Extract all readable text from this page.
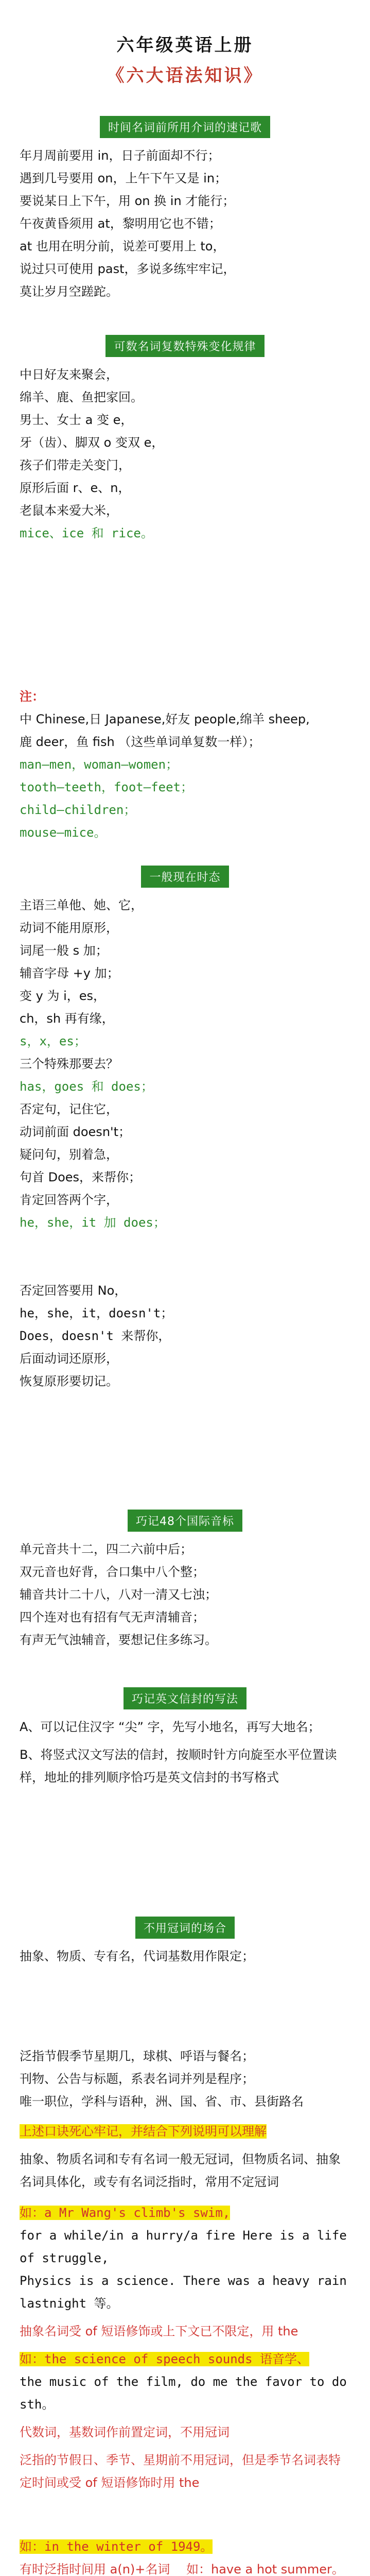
六年级英语上册
《六大语法知识》
时间名词前所用介词的速记歌

年月周前要用 in，日子前面却不行；

遇到几号要用 on，上午下午又是 in；

要说某日上下午，用 on 换 in 才能行；

午夜黄昏须用 at，黎明用它也不错；

at 也用在明分前，说差可要用上 to，

说过只可使用 past，多说多练牢牢记，

莫让岁月空蹉跎。

可数名词复数特殊变化规律

中日好友来聚会，

绵羊、鹿、鱼把家回。

男士、女士 a 变 e，

牙（齿）、脚双 o 变双 e，

孩子们带走关变门，

原形后面 r、e、n，

老鼠本来爱大米，

mice、ice 和 rice。

注：

中 Chinese,日 Japanese,好友 people,绵羊 sheep,

鹿 deer，鱼 fish （这些单词单复数一样）；

man—men，woman—women；

tooth—teeth，foot—feet；

child—children；

mouse—mice。

一般现在时态

主语三单他、她、它，

动词不能用原形，

词尾一般 s 加；

辅音字母 +y 加；

变 y 为 i，es，

ch，sh 再有缘，

s，x，es；

三个特殊那要去？

has，goes 和 does；

否定句，记住它，

动词前面 doesn't；

疑问句，别着急，

句首 Does，来帮你；

肯定回答两个字，

he，she，it 加 does；

否定回答要用 No，

he，she，it，doesn't；

Does，doesn't 来帮你，

后面动词还原形，

恢复原形要切记。

巧记48个国际音标

单元音共十二，四二六前中后；

双元音也好背，合口集中八个整；

辅音共计二十八，八对一清又七浊；

四个连对也有招有气无声清辅音；

有声无气浊辅音，要想记住多练习。

巧记英文信封的写法

A、可以记住汉字 “尖” 字，先写小地名，再写大地名；

B、将竖式汉文写法的信封，按顺时针方向旋至水平位置读样，地址的排列顺序恰巧是英文信封的书写格式

不用冠词的场合

抽象、物质、专有名，代词基数用作限定；

泛指节假季节星期几，球棋、呼语与餐名；

刊物、公告与标题，系表名词并列是程序；

唯一职位，学科与语种，洲、国、省、市、县街路名

上述口诀死心牢记，并结合下列说明可以理解

抽象、物质名词和专有名词一般无冠词，但物质名词、抽象名词具体化，或专有名词泛指时，常用不定冠词

如：a Mr Wang's climb's swim,

for a while/in a hurry/a fire Here is a life of struggle,

Physics is a science. There was a heavy rain lastnight 等。

抽象名词受 of 短语修饰或上下文已不限定，用 the

如：the science of speech sounds 语音学、

the music of the film, do me the favor to do sth。

代数词，基数词作前置定词，不用冠词

泛指的节假日、季节、星期前不用冠词，但是季节名词表特定时间或受 of 短语修饰时用 the

如：in the winter of 1949。

有时泛指时间用 a(n)+名词 　如：have a hot summer。
